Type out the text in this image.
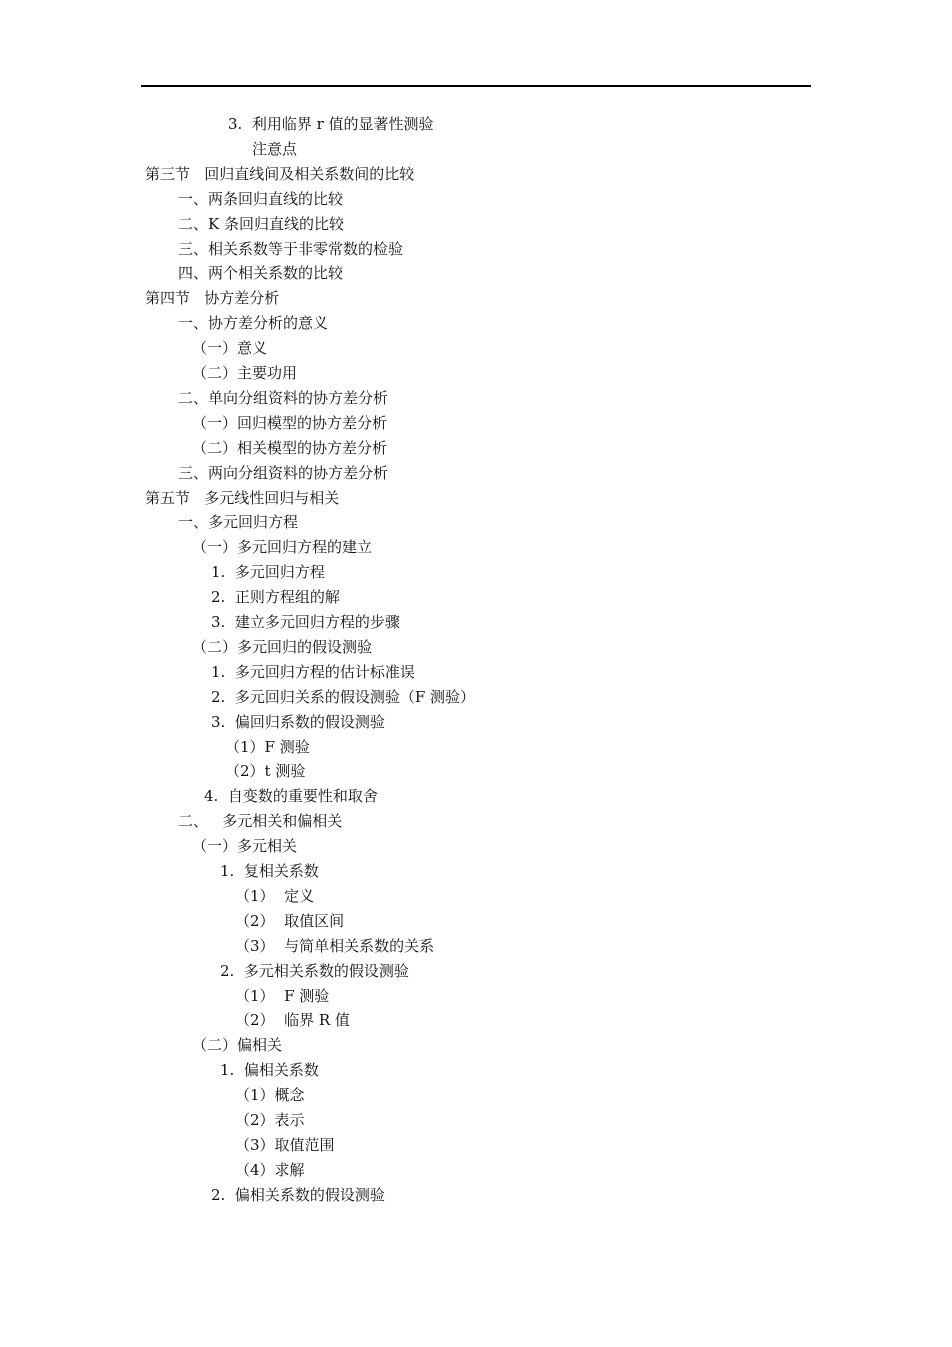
3.  利用临界 r 值的显著性测验
注意点
第三节   回归直线间及相关系数间的比较
一、两条回归直线的比较
二、K 条回归直线的比较
三、相关系数等于非零常数的检验
四、两个相关系数的比较
第四节   协方差分析
一、协方差分析的意义
（一）意义
（二）主要功用
二、单向分组资料的协方差分析
（一）回归模型的协方差分析
（二）相关模型的协方差分析
三、两向分组资料的协方差分析
第五节   多元线性回归与相关
一、多元回归方程
（一）多元回归方程的建立
1.  多元回归方程
2.  正则方程组的解
3.  建立多元回归方程的步骤
（二）多元回归的假设测验
1.  多元回归方程的估计标准误
2.  多元回归关系的假设测验（F 测验）
3.  偏回归系数的假设测验
（1）F 测验
（2）t 测验
4.  自变数的重要性和取舍
二、   多元相关和偏相关
（一）多元相关
1.  复相关系数
（1）  定义
（2）  取值区间
（3）  与简单相关系数的关系
2.  多元相关系数的假设测验
（1）  F 测验
（2）  临界 R 值
（二）偏相关
1.  偏相关系数
（1）概念
（2）表示
（3）取值范围
（4）求解
2.  偏相关系数的假设测验
